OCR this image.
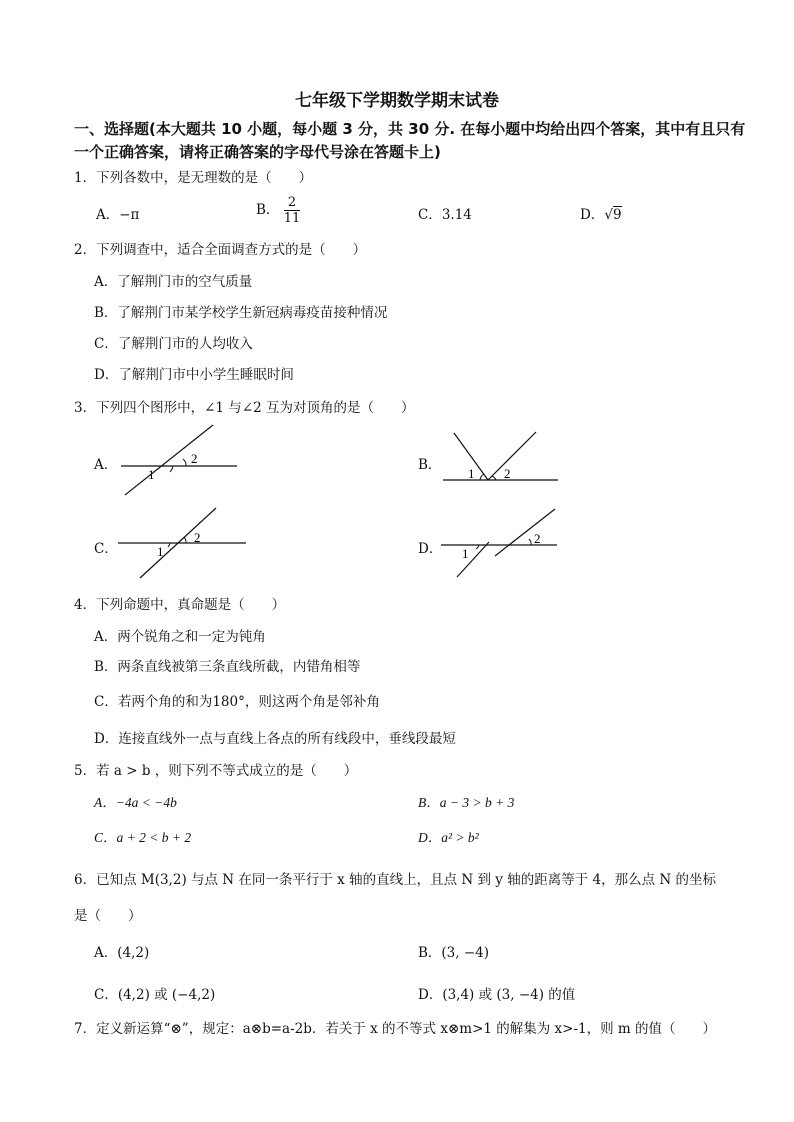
七年级下学期数学期末试卷
一、选择题(本大题共 10 小题，每小题 3 分，共 30 分. 在每小题中均给出四个答案，其中有且只有一个正确答案，请将正确答案的字母代号涂在答题卡上)
1．下列各数中，是无理数的是（　　）
A．−π	B． $\frac{2}{11}$	C．3.14	D．√9
2．下列调查中，适合全面调查方式的是（　　）
A．了解荆门市的空气质量
B．了解荆门市某学校学生新冠病毒疫苗接种情况
C．了解荆门市的人均收入
D．了解荆门市中小学生睡眠时间
3．下列四个图形中，∠1 与∠2 互为对顶角的是（　　）
A．
1
2	B．
1 2
C．	1
2
D． 1
2
4．下列命题中，真命题是（　　）
A．两个锐角之和一定为钝角
B．两条直线被第三条直线所截，内错角相等
C．若两个角的和为180°，则这两个角是邻补角
D．连接直线外一点与直线上各点的所有线段中，垂线段最短
5．若 a > b ，则下列不等式成立的是（　　）
A．−4a < −4b	B．a − 3 > b + 3
C．a + 2 < b + 2	D．a² > b²
6．已知点 M(3,2) 与点 N 在同一条平行于 x 轴的直线上，且点 N 到 y 轴的距离等于 4，那么点 N 的坐标
是（　　）
A．(4,2)	B．(3, −4)
C．(4,2) 或 (−4,2)	D．(3,4) 或 (3, −4) 的值
7．定义新运算“⊗”，规定：a⊗b=a-2b．若关于 x 的不等式 x⊗m>1 的解集为 x>-1，则 m 的值（　　）
